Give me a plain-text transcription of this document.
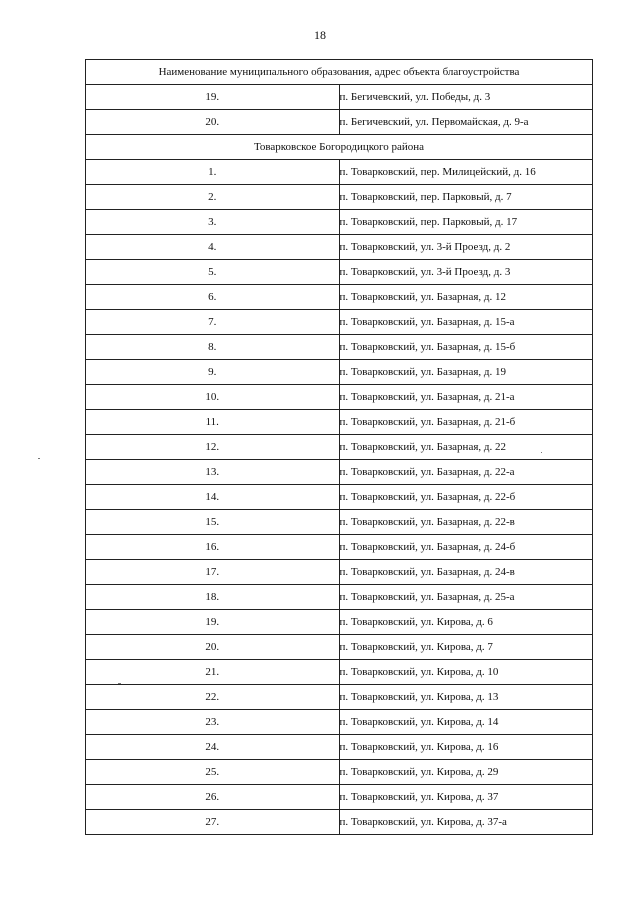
18
Наименование муниципального образования, адрес объекта благоустройства	
19.	п. Бегичевский, ул. Победы, д. 3
20.	п. Бегичевский, ул. Первомайская, д. 9-а
Товарковское Богородицкого района	
1.	п. Товарковский, пер. Милицейский, д. 16
2.	п. Товарковский, пер. Парковый, д. 7
3.	п. Товарковский, пер. Парковый, д. 17
4.	п. Товарковский, ул. 3-й Проезд, д. 2
5.	п. Товарковский, ул. 3-й Проезд, д. 3
6.	п. Товарковский, ул. Базарная, д. 12
7.	п. Товарковский, ул. Базарная, д. 15-а
8.	п. Товарковский, ул. Базарная, д. 15-б
9.	п. Товарковский, ул. Базарная, д. 19
10.	п. Товарковский, ул. Базарная, д. 21-а
11.	п. Товарковский, ул. Базарная, д. 21-б
12.	п. Товарковский, ул. Базарная, д. 22
13.	п. Товарковский, ул. Базарная, д. 22-а
14.	п. Товарковский, ул. Базарная, д. 22-б
15.	п. Товарковский, ул. Базарная, д. 22-в
16.	п. Товарковский, ул. Базарная, д. 24-б
17.	п. Товарковский, ул. Базарная, д. 24-в
18.	п. Товарковский, ул. Базарная, д. 25-а
19.	п. Товарковский, ул. Кирова, д. 6
20.	п. Товарковский, ул. Кирова, д. 7
21.	п. Товарковский, ул. Кирова, д. 10
22.	п. Товарковский, ул. Кирова, д. 13
23.	п. Товарковский, ул. Кирова, д. 14
24.	п. Товарковский, ул. Кирова, д. 16
25.	п. Товарковский, ул. Кирова, д. 29
26.	п. Товарковский, ул. Кирова, д. 37
27.	п. Товарковский, ул. Кирова, д. 37-а
